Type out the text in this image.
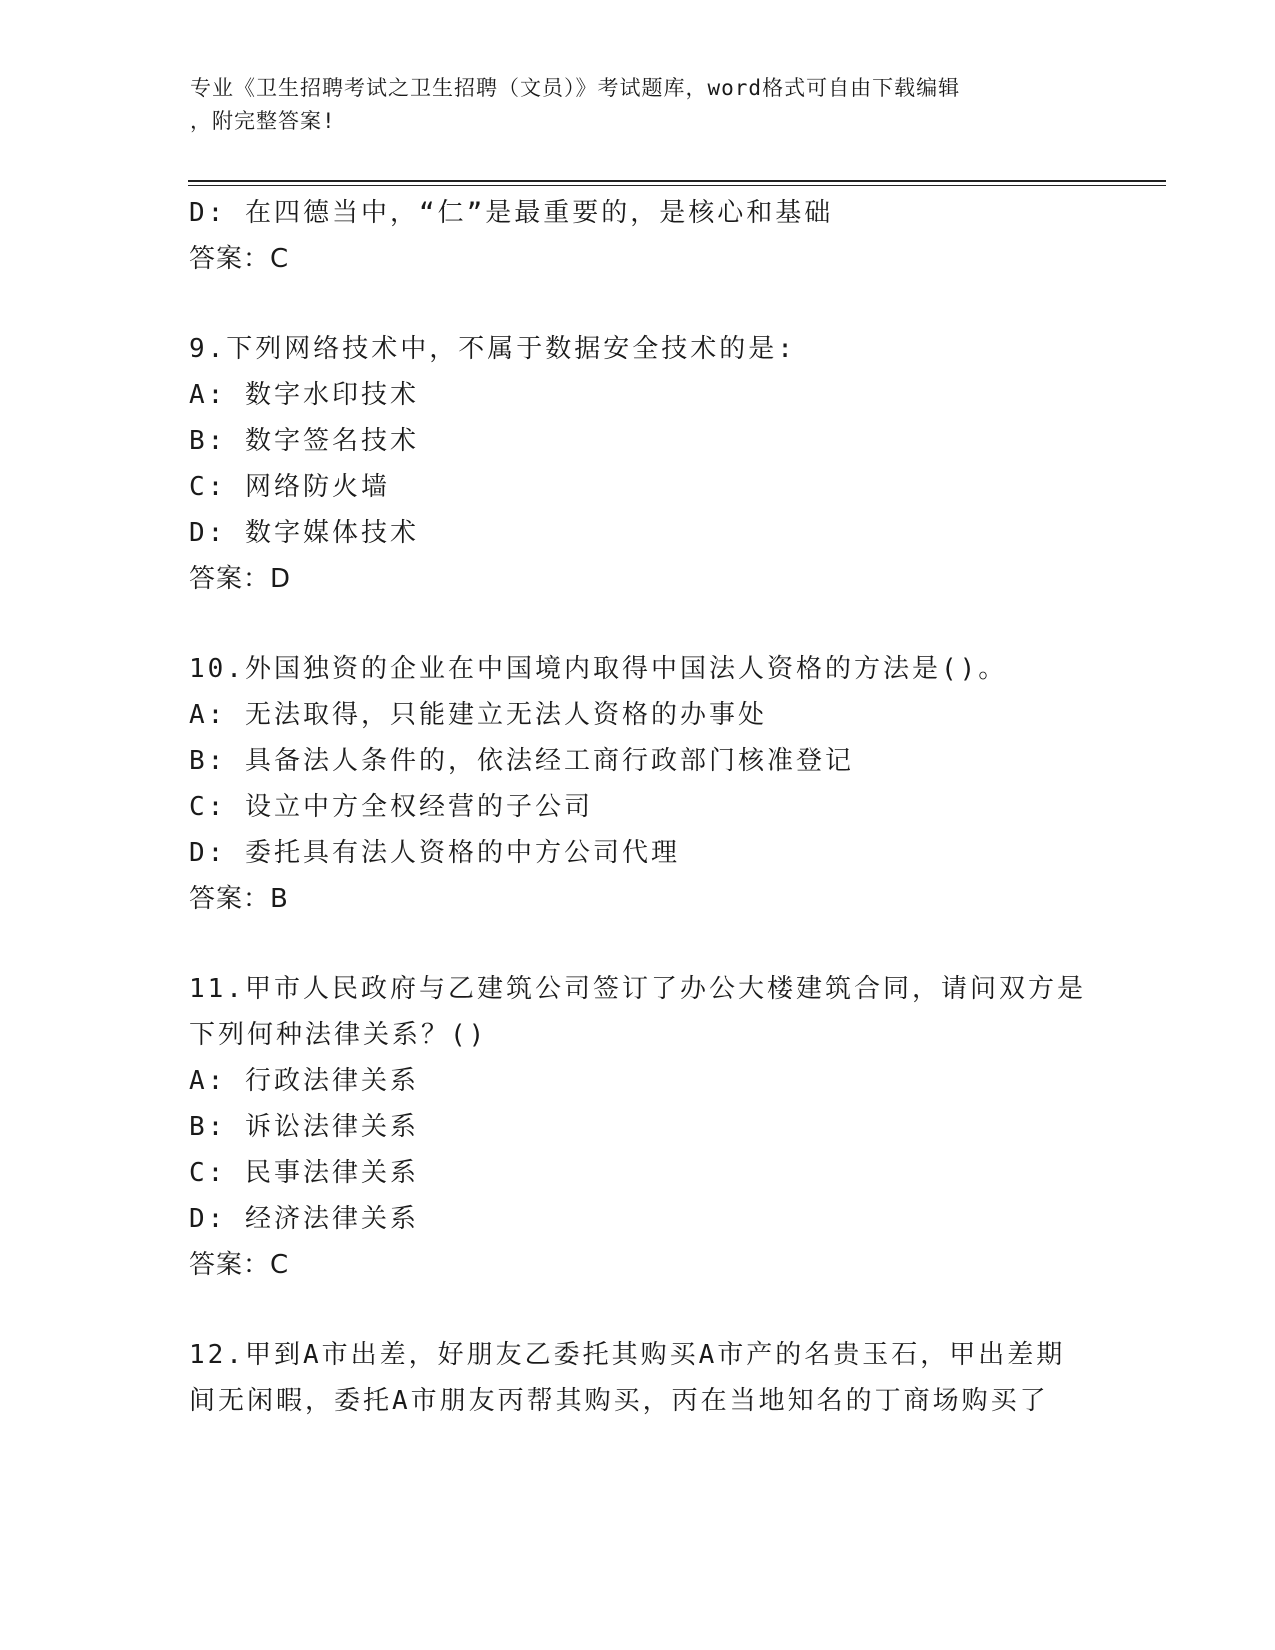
专业《卫生招聘考试之卫生招聘（文员）》考试题库，word格式可自由下载编辑
，附完整答案!
D: 在四德当中，“仁”是最重要的，是核心和基础
答案：C
9.下列网络技术中，不属于数据安全技术的是:
A: 数字水印技术
B: 数字签名技术
C: 网络防火墙
D: 数字媒体技术
答案：D
10.外国独资的企业在中国境内取得中国法人资格的方法是()。
A: 无法取得，只能建立无法人资格的办事处
B: 具备法人条件的，依法经工商行政部门核准登记
C: 设立中方全权经营的子公司
D: 委托具有法人资格的中方公司代理
答案：B
11.甲市人民政府与乙建筑公司签订了办公大楼建筑合同，请问双方是
下列何种法律关系？()
A: 行政法律关系
B: 诉讼法律关系
C: 民事法律关系
D: 经济法律关系
答案：C
12.甲到A市出差，好朋友乙委托其购买A市产的名贵玉石，甲出差期
间无闲暇，委托A市朋友丙帮其购买，丙在当地知名的丁商场购买了
